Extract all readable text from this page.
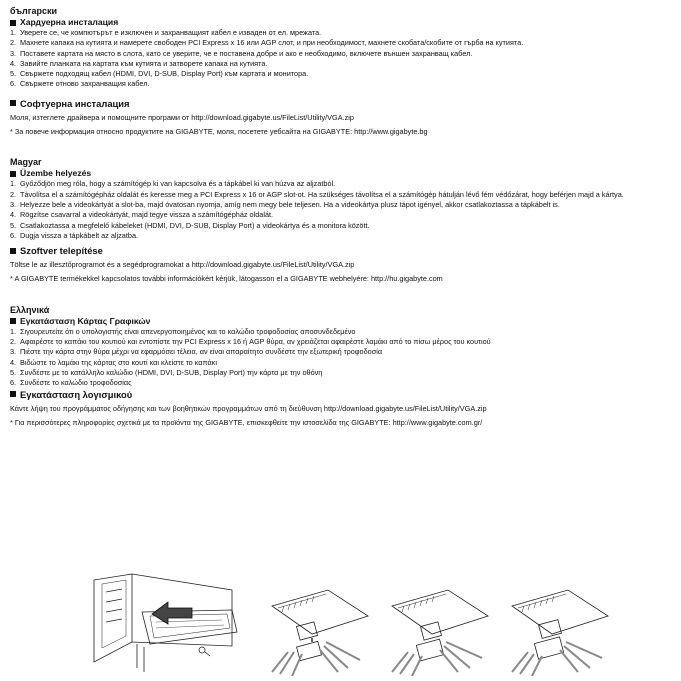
български

Хардуерна инсталация

1. Уверете се, че компютърът е изключен и захранващият кабел е изваден от ел. мрежата.
2. Махнете капака на кутията и намерете свободен PCI Express x 16 или AGP слот, и при необходимост, махнете скобата/скобите от гърба на кутията.
3. Поставете картата на място в слота, като се уверите, че е поставена добре и ако е необходимо, включете външен захранващ кабел.
4. Завийте планката на картата към кутията и затворете капака на кутията.
5. Свържете подходящ кабел (HDMI, DVI, D-SUB, Display Port) към картата и монитора.
6. Свържете отново захранващия кабел.

Софтуерна инсталация

Моля, изтеглете драйвера и помощните програми от http://download.gigabyte.us/FileList/Utility/VGA.zip

* За повече информация относно продуктите на GIGABYTE, моля, посетете уебсайта на GIGABYTE: http://www.gigabyte.bg

Magyar

Üzembe helyezés

1. Győződjön meg róla, hogy a számítógép ki van kapcsolva és a tápkábel ki van húzva az aljzatból.
2. Távolítsa el a számítógépház oldalát és keresse meg a PCI Express x 16 or AGP slot-ot. Ha szükséges távolítsa el a számítógép hátulján lévő fém védőzárat, hogy beférjen majd a kártya.
3. Helyezze bele a videokártyát a slot-ba, majd óvatosan nyomja, amíg nem megy bele teljesen. Ha a videokártya plusz tápot igényel, akkor csatlakoztassa a tápkábelt is.
4. Rögzítse csavarral a videokártyát, majd tegye vissza a számítógépház oldalát.
5. Csatlakoztassa a megfelelő kábeleket (HDMI, DVI, D-SUB, Display Port) a videokártya és a monitora között.
6. Dugja vissza a tápkábelt az aljzatba.

Szoftver telepítése

Töltse le az illesztőprogramot és a segédprogramokat a http://download.gigabyte.us/FileList/Utility/VGA.zip

* A GIGABYTE termékekkel kapcsolatos további információkért kérjük, látogasson el a GIGABYTE webhelyére: http://hu.gigabyte.com

Ελληνικά

Εγκατάσταση Κάρτας Γραφικών

1. Σιγουρευτείτε ότι ο υπολογιστής είναι απενεργοποιημένος και το καλώδιο τροφοδοσίας αποσυνδεδεμένο
2. Αφαιρέστε το καπάκι του κουτιού και εντοπίστε την PCI Express x 16 ή AGP θύρα, αν χρειάζεται αφαιρέστε λαμάκι από το πίσω μέρος του κουτιού
3. Πιέστε την κάρτα στην θύρα μέχρι να εφαρμόσει τέλεια, αν είναι απαραίτητο συνδέστε την εξωτερική τροφοδοσία
4. Βιδώστε το λαμάκι της κάρτας στο κουτί και κλείστε το καπάκι
5. Συνδέστε με το κατάλληλο καλώδιο (HDMI, DVI, D-SUB, Display Port) την κάρτα με την οθόνη
6. Συνδέστε το καλώδιο τροφοδοσίας

Εγκατάσταση λογισμικού

Κάντε λήψη του προγράμματος οδήγησης και των βοηθητικών προγραμμάτων από τη διεύθυνση http://download.gigabyte.us/FileList/Utility/VGA.zip

* Για περισσότερες πληροφορίες σχετικά με τα προϊόντα της GIGABYTE, επισκεφθείτε την ιστοσελίδα της GIGABYTE: http://www.gigabyte.com.gr/
